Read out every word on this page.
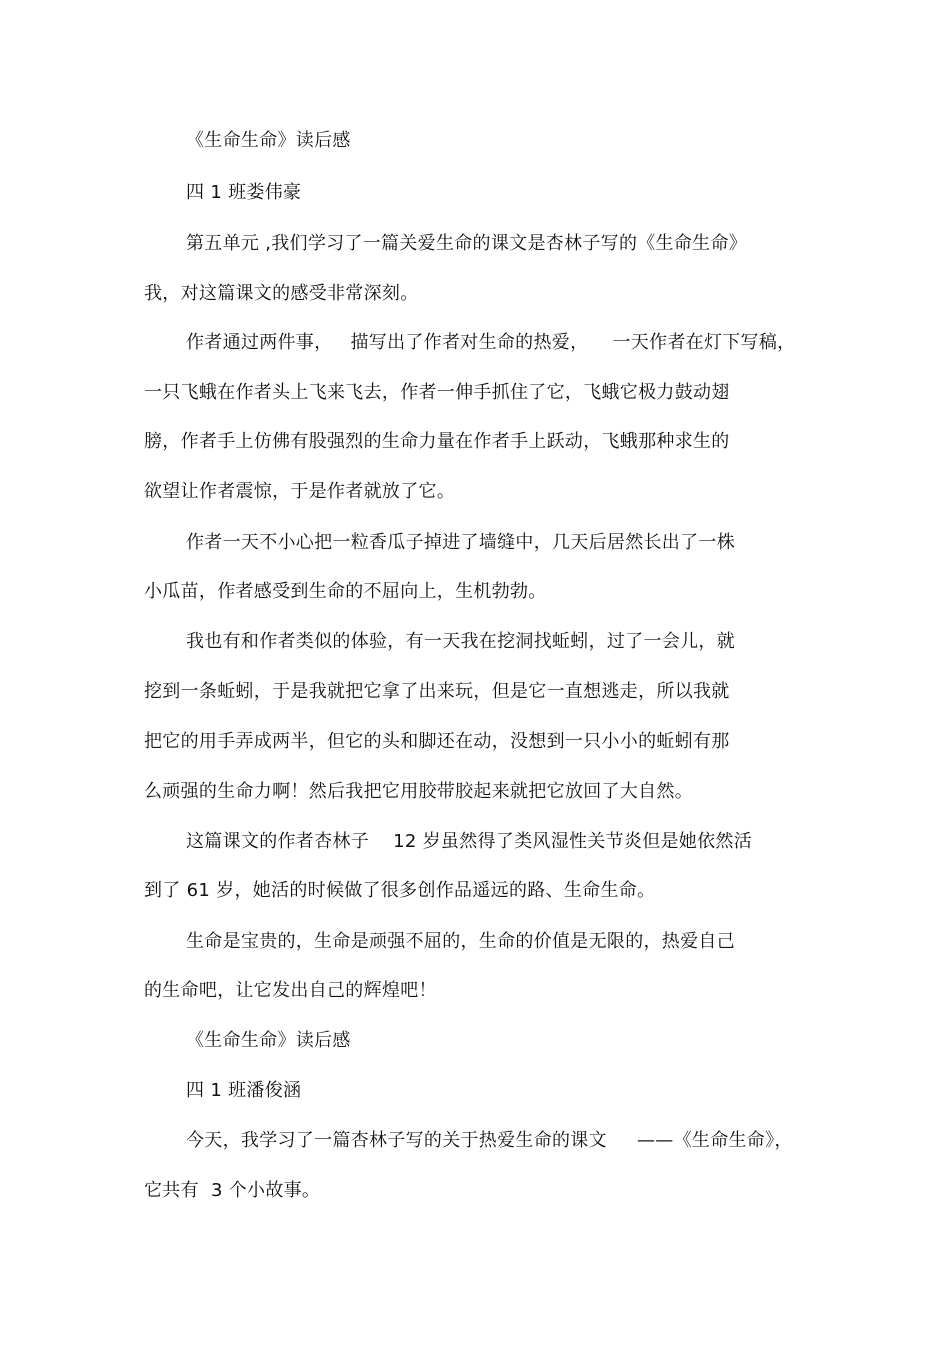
《生命生命》读后感
四 1 班娄伟豪
第五单元 ,我们学习了一篇关爱生命的课文是杏林子写的《生命生命》
我，对这篇课文的感受非常深刻。
作者通过两件事，   描写出了作者对生命的热爱，    一天作者在灯下写稿，
一只飞蛾在作者头上飞来飞去，作者一伸手抓住了它，飞蛾它极力鼓动翅
膀，作者手上仿佛有股强烈的生命力量在作者手上跃动，飞蛾那种求生的
欲望让作者震惊，于是作者就放了它。
作者一天不小心把一粒香瓜子掉进了墙缝中，几天后居然长出了一株
小瓜苗，作者感受到生命的不屈向上，生机勃勃。
我也有和作者类似的体验，有一天我在挖洞找蚯蚓，过了一会儿，就
挖到一条蚯蚓，于是我就把它拿了出来玩，但是它一直想逃走，所以我就
把它的用手弄成两半，但它的头和脚还在动，没想到一只小小的蚯蚓有那
么顽强的生命力啊！然后我把它用胶带胶起来就把它放回了大自然。
这篇课文的作者杏林子    12 岁虽然得了类风湿性关节炎但是她依然活
到了 61 岁，她活的时候做了很多创作品遥远的路、生命生命。
生命是宝贵的，生命是顽强不屈的，生命的价值是无限的，热爱自己
的生命吧，让它发出自己的辉煌吧！
《生命生命》读后感
四 1 班潘俊涵
今天，我学习了一篇杏林子写的关于热爱生命的课文     ——《生命生命》，
它共有  3 个小故事。
